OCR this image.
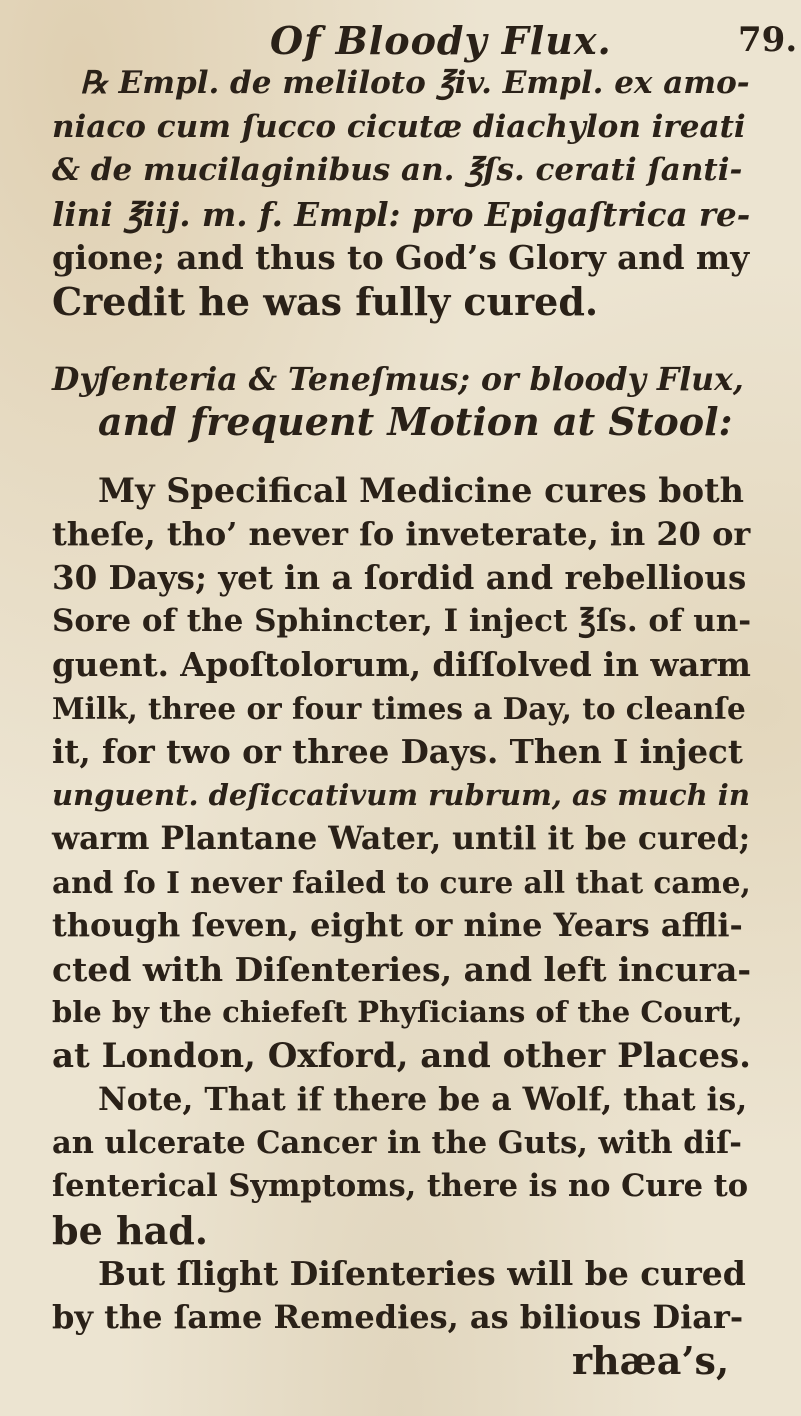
Of Bloody Flux.	79.
℞ Empl. de meliloto ℥iv. Empl. ex amo-
niaco cum ſucco cicutæ diachylon ireati
& de mucilaginibus an. ℥ſs. cerati ſanti-
lini ℥iij. m. f. Empl: pro Epigaſtrica re-
gione; and thus to God’s Glory and my
Credit he was fully cured.
Dyſenteria & Teneſmus; or bloody Flux,
and frequent Motion at Stool:
My Specifical Medicine cures both
theſe, tho’ never ſo inveterate, in 20 or
30 Days; yet in a ſordid and rebellious
Sore of the Sphincter, I inject ℥ſs. of un-
guent. Apoſtolorum, diſſolved in warm
Milk, three or four times a Day, to cleanſe
it, for two or three Days. Then I inject
unguent. deſiccativum rubrum, as much in
warm Plantane Water, until it be cured;
and ſo I never failed to cure all that came,
though ſeven, eight or nine Years affli-
cted with Diſenteries, and left incura-
ble by the chiefeſt Phyſicians of the Court,
at London, Oxford, and other Places.
Note, That if there be a Wolf, that is,
an ulcerate Cancer in the Guts, with diſ-
ſenterical Symptoms, there is no Cure to
be had.
But ſlight Diſenteries will be cured
by the ſame Remedies, as bilious Diar-
rhæa’s,
